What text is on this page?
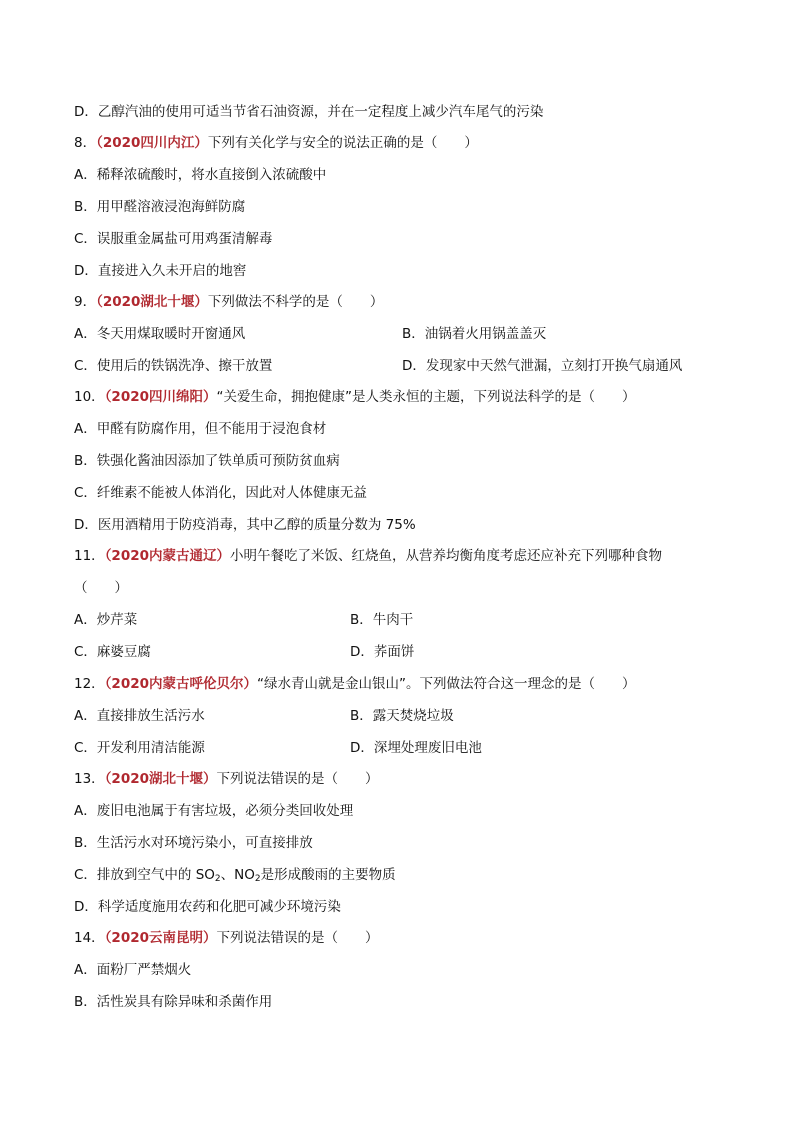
D．乙醇汽油的使用可适当节省石油资源，并在一定程度上减少汽车尾气的污染
8．（2020四川内江）下列有关化学与安全的说法正确的是（　　）
A．稀释浓硫酸时，将水直接倒入浓硫酸中
B．用甲醛溶液浸泡海鲜防腐
C．误服重金属盐可用鸡蛋清解毒
D．直接进入久未开启的地窖
9．（2020湖北十堰）下列做法不科学的是（　　）
A．冬天用煤取暖时开窗通风	B．油锅着火用锅盖盖灭
C．使用后的铁锅洗净、擦干放置	D．发现家中天然气泄漏，立刻打开换气扇通风
10．（2020四川绵阳）“关爱生命，拥抱健康”是人类永恒的主题，下列说法科学的是（　　）
A．甲醛有防腐作用，但不能用于浸泡食材
B．铁强化酱油因添加了铁单质可预防贫血病
C．纤维素不能被人体消化，因此对人体健康无益
D．医用酒精用于防疫消毒，其中乙醇的质量分数为 75%
11．（2020内蒙古通辽）小明午餐吃了米饭、红烧鱼，从营养均衡角度考虑还应补充下列哪种食物
（　　）
A．炒芹菜	B．牛肉干
C．麻婆豆腐	D．荞面饼
12．（2020内蒙古呼伦贝尔）“绿水青山就是金山银山”。下列做法符合这一理念的是（　　）
A．直接排放生活污水	B．露天焚烧垃圾
C．开发利用清洁能源	D．深埋处理废旧电池
13．（2020湖北十堰）下列说法错误的是（　　）
A．废旧电池属于有害垃圾，必须分类回收处理
B．生活污水对环境污染小，可直接排放
C．排放到空气中的 $SO_2$、$NO_2$是形成酸雨的主要物质
D．科学适度施用农药和化肥可减少环境污染
14．（2020云南昆明）下列说法错误的是（　　）
A．面粉厂严禁烟火
B．活性炭具有除异味和杀菌作用
